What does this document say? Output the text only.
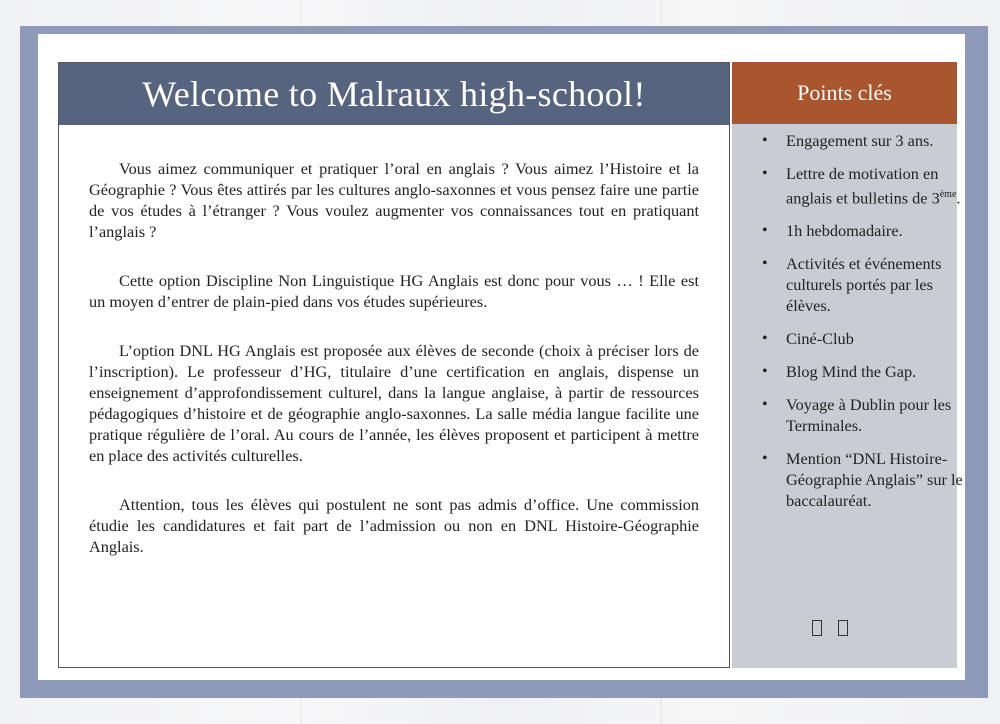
Welcome to Malraux high-school!

Vous aimez communiquer et pratiquer l’oral en anglais ? Vous aimez l’Histoire et la Géographie ? Vous êtes attirés par les cultures anglo-saxonnes et vous pensez faire une partie de vos études à l’étranger ? Vous voulez augmenter vos connaissances tout en pratiquant l’anglais ?

Cette option Discipline Non Linguistique HG Anglais est donc pour vous … ! Elle est un moyen d’entrer de plain-pied dans vos études supérieures.

L’option DNL HG Anglais est proposée aux élèves de seconde (choix à préciser lors de l’inscription). Le professeur d’HG, titulaire d’une certification en anglais, dispense un enseignement d’approfondissement culturel, dans la langue anglaise, à partir de ressources pédagogiques d’histoire et de géographie anglo-saxonnes. La salle média langue facilite une pratique régulière de l’oral. Au cours de l’année, les élèves proposent et participent à mettre en place des activités culturelles.

Attention, tous les élèves qui postulent ne sont pas admis d’office. Une commission étudie les candidatures et fait part de l’admission ou non en DNL Histoire-Géographie Anglais.

Points clés
• Engagement sur 3 ans.
• Lettre de motivation en anglais et bulletins de 3ème.
• 1h hebdomadaire.
• Activités et événements culturels portés par les élèves.
• Ciné-Club
• Blog Mind the Gap.
• Voyage à Dublin pour les Terminales.
• Mention “DNL Histoire-Géographie Anglais” sur le baccalauréat.
